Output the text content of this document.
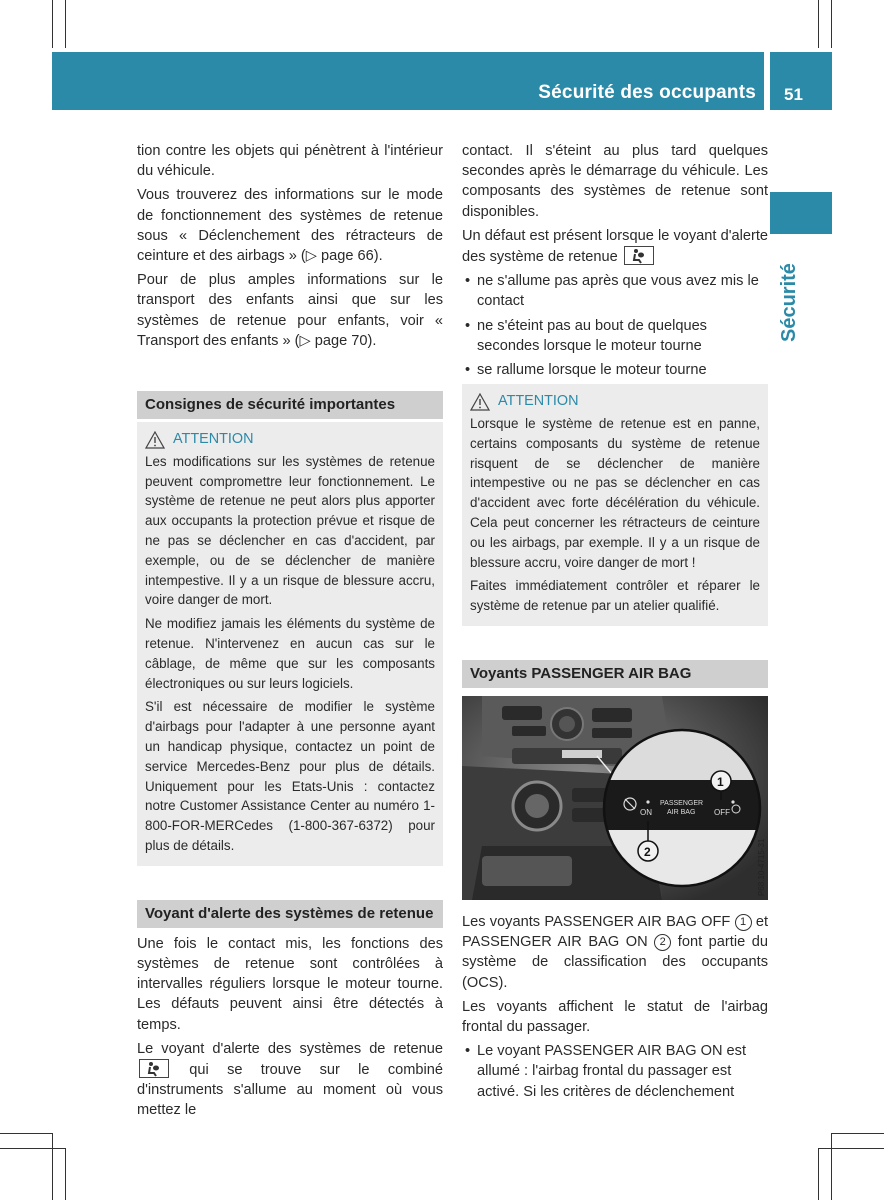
Sécurité des occupants 51
Sécurité
tion contre les objets qui pénètrent à l'intérieur du véhicule.
Vous trouverez des informations sur le mode de fonctionnement des systèmes de retenue sous « Déclenchement des rétracteurs de ceinture et des airbags » (▷ page 66).
Pour de plus amples informations sur le transport des enfants ainsi que sur les systèmes de retenue pour enfants, voir « Transport des enfants » (▷ page 70).
Consignes de sécurité importantes
ATTENTION
Les modifications sur les systèmes de retenue peuvent compromettre leur fonctionnement. Le système de retenue ne peut alors plus apporter aux occupants la protection prévue et risque de ne pas se déclencher en cas d'accident, par exemple, ou de se déclencher de manière intempestive. Il y a un risque de blessure accru, voire danger de mort.
Ne modifiez jamais les éléments du système de retenue. N'intervenez en aucun cas sur le câblage, de même que sur les composants électroniques ou sur leurs logiciels.
S'il est nécessaire de modifier le système d'airbags pour l'adapter à une personne ayant un handicap physique, contactez un point de service Mercedes-Benz pour plus de détails. Uniquement pour les Etats-Unis : contactez notre Customer Assistance Center au numéro 1-800-FOR-MERCedes (1-800-367-6372) pour plus de détails.
Voyant d'alerte des systèmes de retenue
Une fois le contact mis, les fonctions des systèmes de retenue sont contrôlées à intervalles réguliers lorsque le moteur tourne. Les défauts peuvent ainsi être détectés à temps.
Le voyant d'alerte des systèmes de retenue  qui se trouve sur le combiné d'instruments s'allume au moment où vous mettez le
contact. Il s'éteint au plus tard quelques secondes après le démarrage du véhicule. Les composants des systèmes de retenue sont disponibles.
Un défaut est présent lorsque le voyant d'alerte des système de retenue
• ne s'allume pas après que vous avez mis le contact
• ne s'éteint pas au bout de quelques secondes lorsque le moteur tourne
• se rallume lorsque le moteur tourne
ATTENTION
Lorsque le système de retenue est en panne, certains composants du système de retenue risquent de se déclencher de manière intempestive ou ne pas se déclencher en cas d'accident avec forte décélération du véhicule. Cela peut concerner les rétracteurs de ceinture ou les airbags, par exemple. Il y a un risque de blessure accru, voire danger de mort !
Faites immédiatement contrôler et réparer le système de retenue par un atelier qualifié.
Voyants PASSENGER AIR BAG
ON
PASSENGER
AIR BAG OFF
1
2	P68.10-4715-31
Les voyants PASSENGER AIR BAG OFF 1 et PASSENGER AIR BAG ON 2 font partie du système de classification des occupants (OCS).
Les voyants affichent le statut de l'airbag frontal du passager.
• Le voyant PASSENGER AIR BAG ON est allumé : l'airbag frontal du passager est activé. Si les critères de déclenchement
